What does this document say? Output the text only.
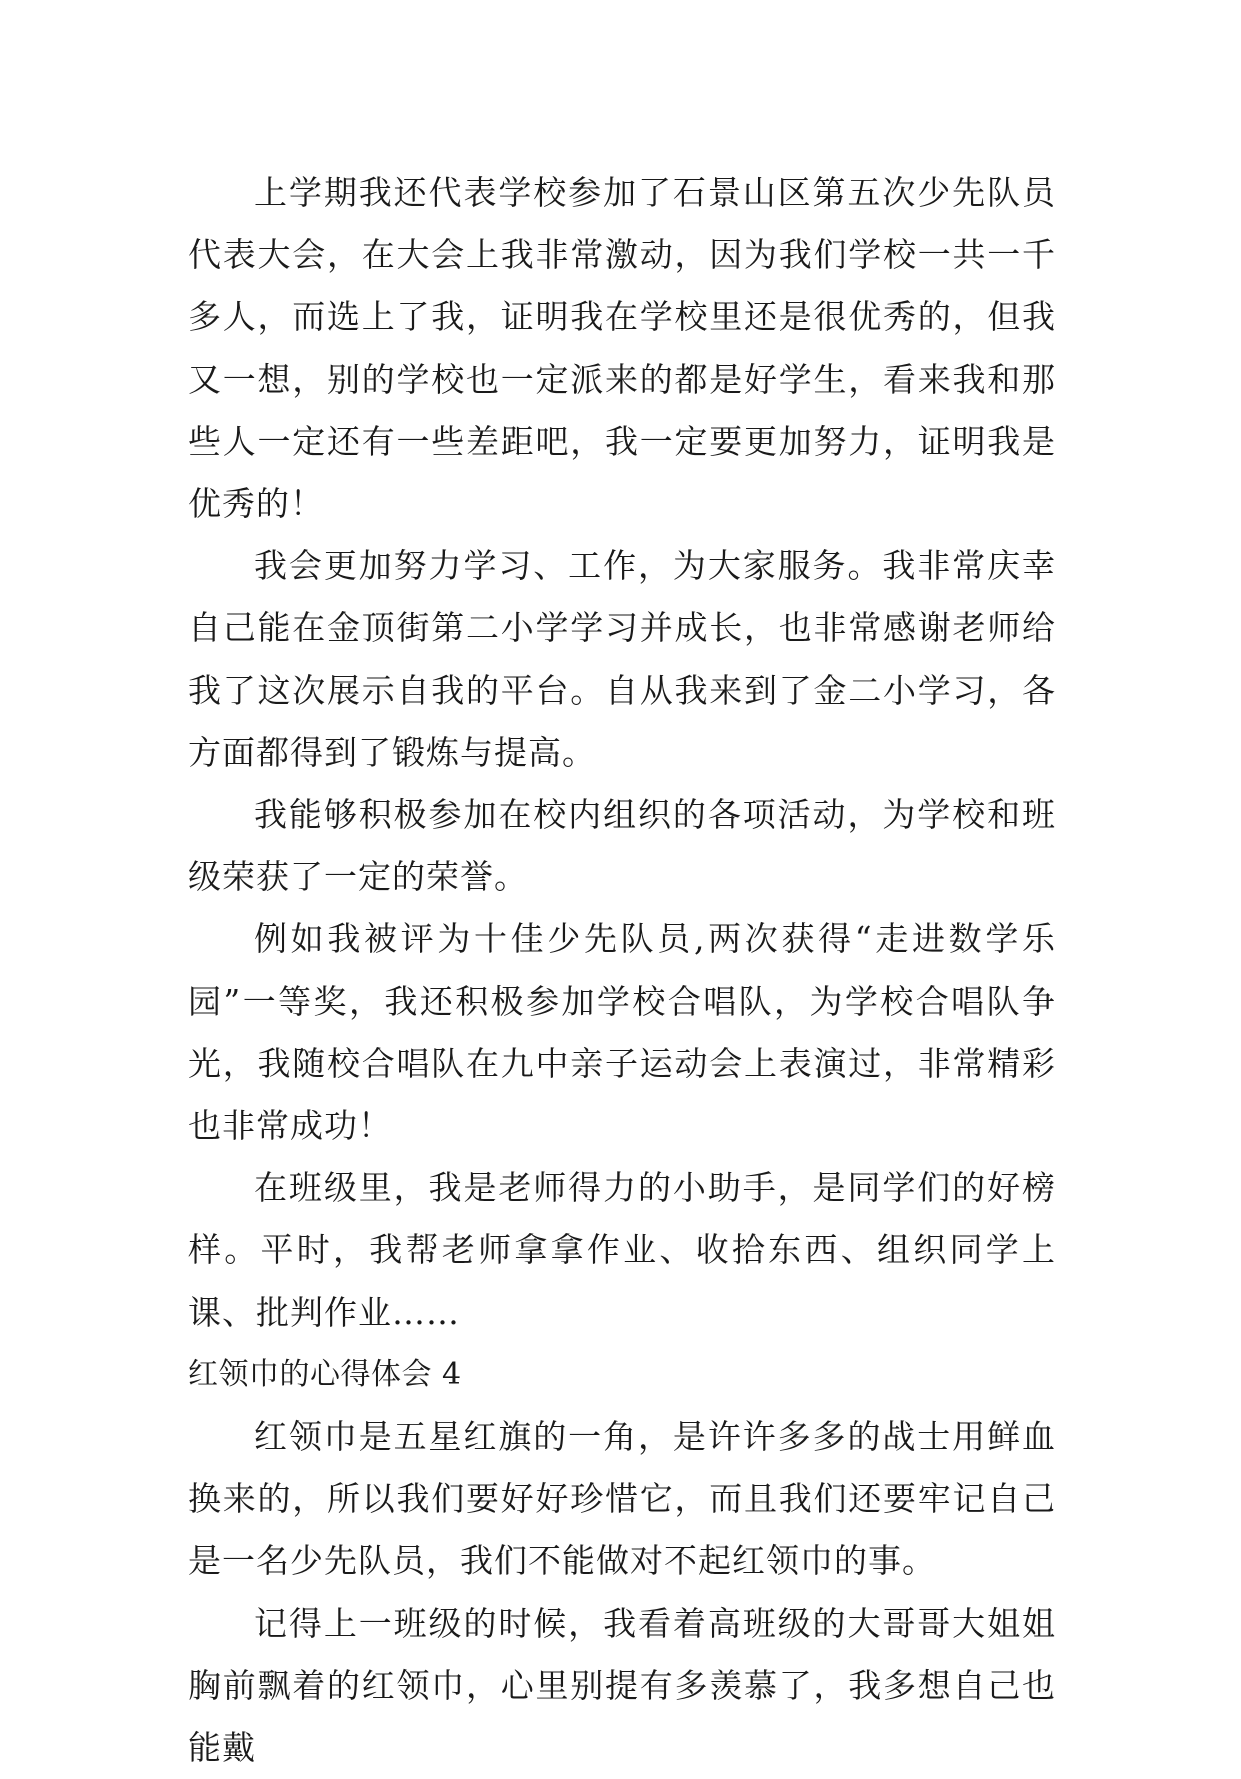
上学期我还代表学校参加了石景山区第五次少先队员代表大会，在大会上我非常激动，因为我们学校一共一千多人，而选上了我，证明我在学校里还是很优秀的，但我又一想，别的学校也一定派来的都是好学生，看来我和那些人一定还有一些差距吧，我一定要更加努力，证明我是优秀的！

我会更加努力学习、工作，为大家服务。我非常庆幸自己能在金顶街第二小学学习并成长，也非常感谢老师给我了这次展示自我的平台。自从我来到了金二小学习，各方面都得到了锻炼与提高。

我能够积极参加在校内组织的各项活动，为学校和班级荣获了一定的荣誉。

例如我被评为十佳少先队员,两次获得“走进数学乐园”一等奖，我还积极参加学校合唱队，为学校合唱队争光，我随校合唱队在九中亲子运动会上表演过，非常精彩也非常成功！

在班级里，我是老师得力的小助手，是同学们的好榜样。平时，我帮老师拿拿作业、收拾东西、组织同学上课、批判作业……

红领巾的心得体会 4

红领巾是五星红旗的一角，是许许多多的战士用鲜血换来的，所以我们要好好珍惜它，而且我们还要牢记自己是一名少先队员，我们不能做对不起红领巾的事。

记得上一班级的时候，我看着高班级的大哥哥大姐姐胸前飘着的红领巾，心里别提有多羡慕了，我多想自己也能戴
